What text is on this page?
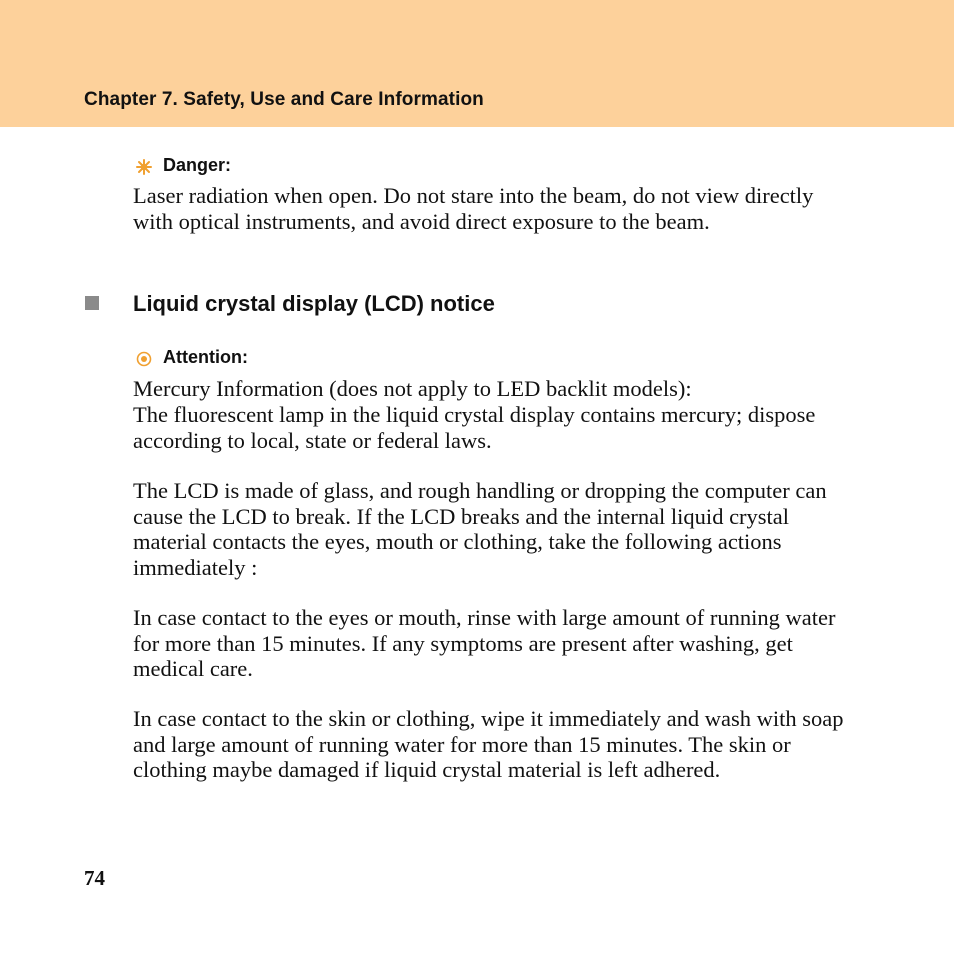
Chapter 7. Safety, Use and Care Information
Danger:

Laser radiation when open. Do not stare into the beam, do not view directly with optical instruments, and avoid direct exposure to the beam.

Liquid crystal display (LCD) notice
Attention:

Mercury Information (does not apply to LED backlit models):

The fluorescent lamp in the liquid crystal display contains mercury; dispose according to local, state or federal laws.

The LCD is made of glass, and rough handling or dropping the computer can cause the LCD to break. If the LCD breaks and the internal liquid crystal material contacts the eyes, mouth or clothing, take the following actions immediately :

In case contact to the eyes or mouth, rinse with large amount of running water for more than 15 minutes. If any symptoms are present after washing, get medical care.

In case contact to the skin or clothing, wipe it immediately and wash with soap and large amount of running water for more than 15 minutes. The skin or clothing maybe damaged if liquid crystal material is left adhered.

74
